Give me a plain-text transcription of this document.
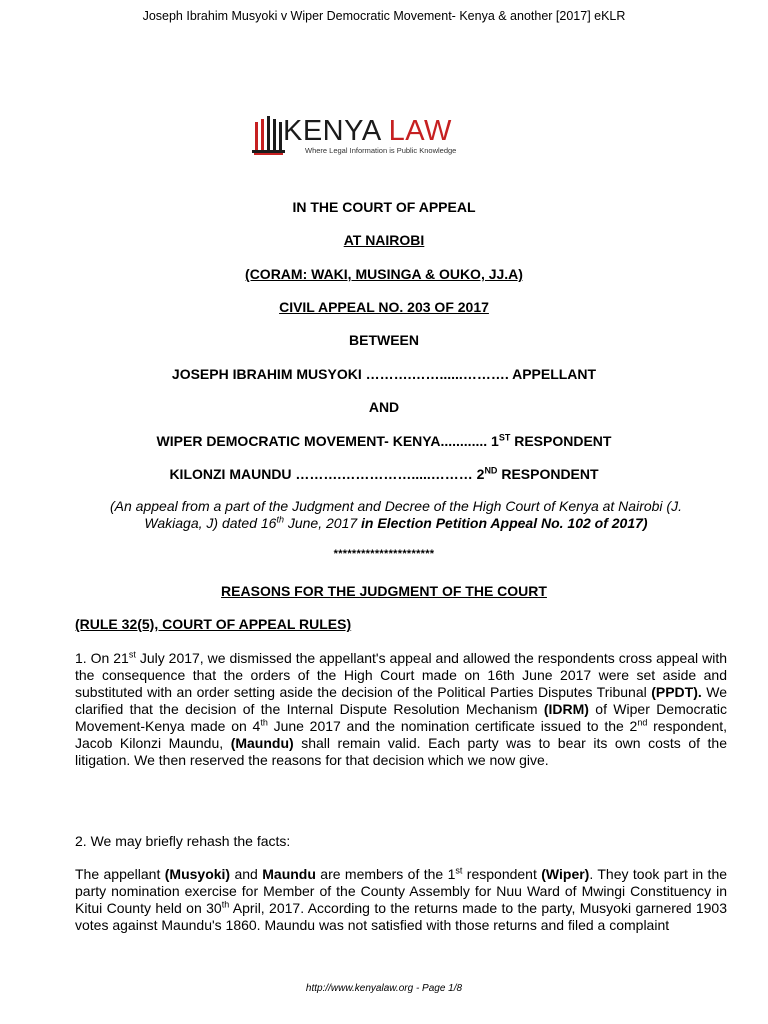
Joseph Ibrahim Musyoki v Wiper Democratic Movement- Kenya & another [2017] eKLR
KENYA LAW
Where Legal Information is Public Knowledge
IN THE COURT OF APPEAL
AT NAIROBI
(CORAM: WAKI, MUSINGA & OUKO, JJ.A)
CIVIL APPEAL NO. 203 OF 2017
BETWEEN
JOSEPH IBRAHIM MUSYOKI ……….……......………. APPELLANT
AND
WIPER DEMOCRATIC MOVEMENT- KENYA............ 1ST RESPONDENT
KILONZI MAUNDU ……….…………….....……… 2ND RESPONDENT
(An appeal from a part of the Judgment and Decree of the High Court of Kenya at Nairobi (J. Wakiaga, J) dated 16th June, 2017 in Election Petition Appeal No. 102 of 2017)
**********************
REASONS FOR THE JUDGMENT OF THE COURT
(RULE 32(5), COURT OF APPEAL RULES)
1. On 21st July 2017, we dismissed the appellant's appeal and allowed the respondents cross appeal with the consequence that the orders of the High Court made on 16th June 2017 were set aside and substituted with an order setting aside the decision of the Political Parties Disputes Tribunal (PPDT). We clarified that the decision of the Internal Dispute Resolution Mechanism (IDRM) of Wiper Democratic Movement-Kenya made on 4th June 2017 and the nomination certificate issued to the 2nd respondent, Jacob Kilonzi Maundu, (Maundu) shall remain valid. Each party was to bear its own costs of the litigation. We then reserved the reasons for that decision which we now give.
2. We may briefly rehash the facts:
The appellant (Musyoki) and Maundu are members of the 1st respondent (Wiper). They took part in the party nomination exercise for Member of the County Assembly for Nuu Ward of Mwingi Constituency in Kitui County held on 30th April, 2017. According to the returns made to the party, Musyoki garnered 1903 votes against Maundu's 1860. Maundu was not satisfied with those returns and filed a complaint
http://www.kenyalaw.org - Page 1/8
